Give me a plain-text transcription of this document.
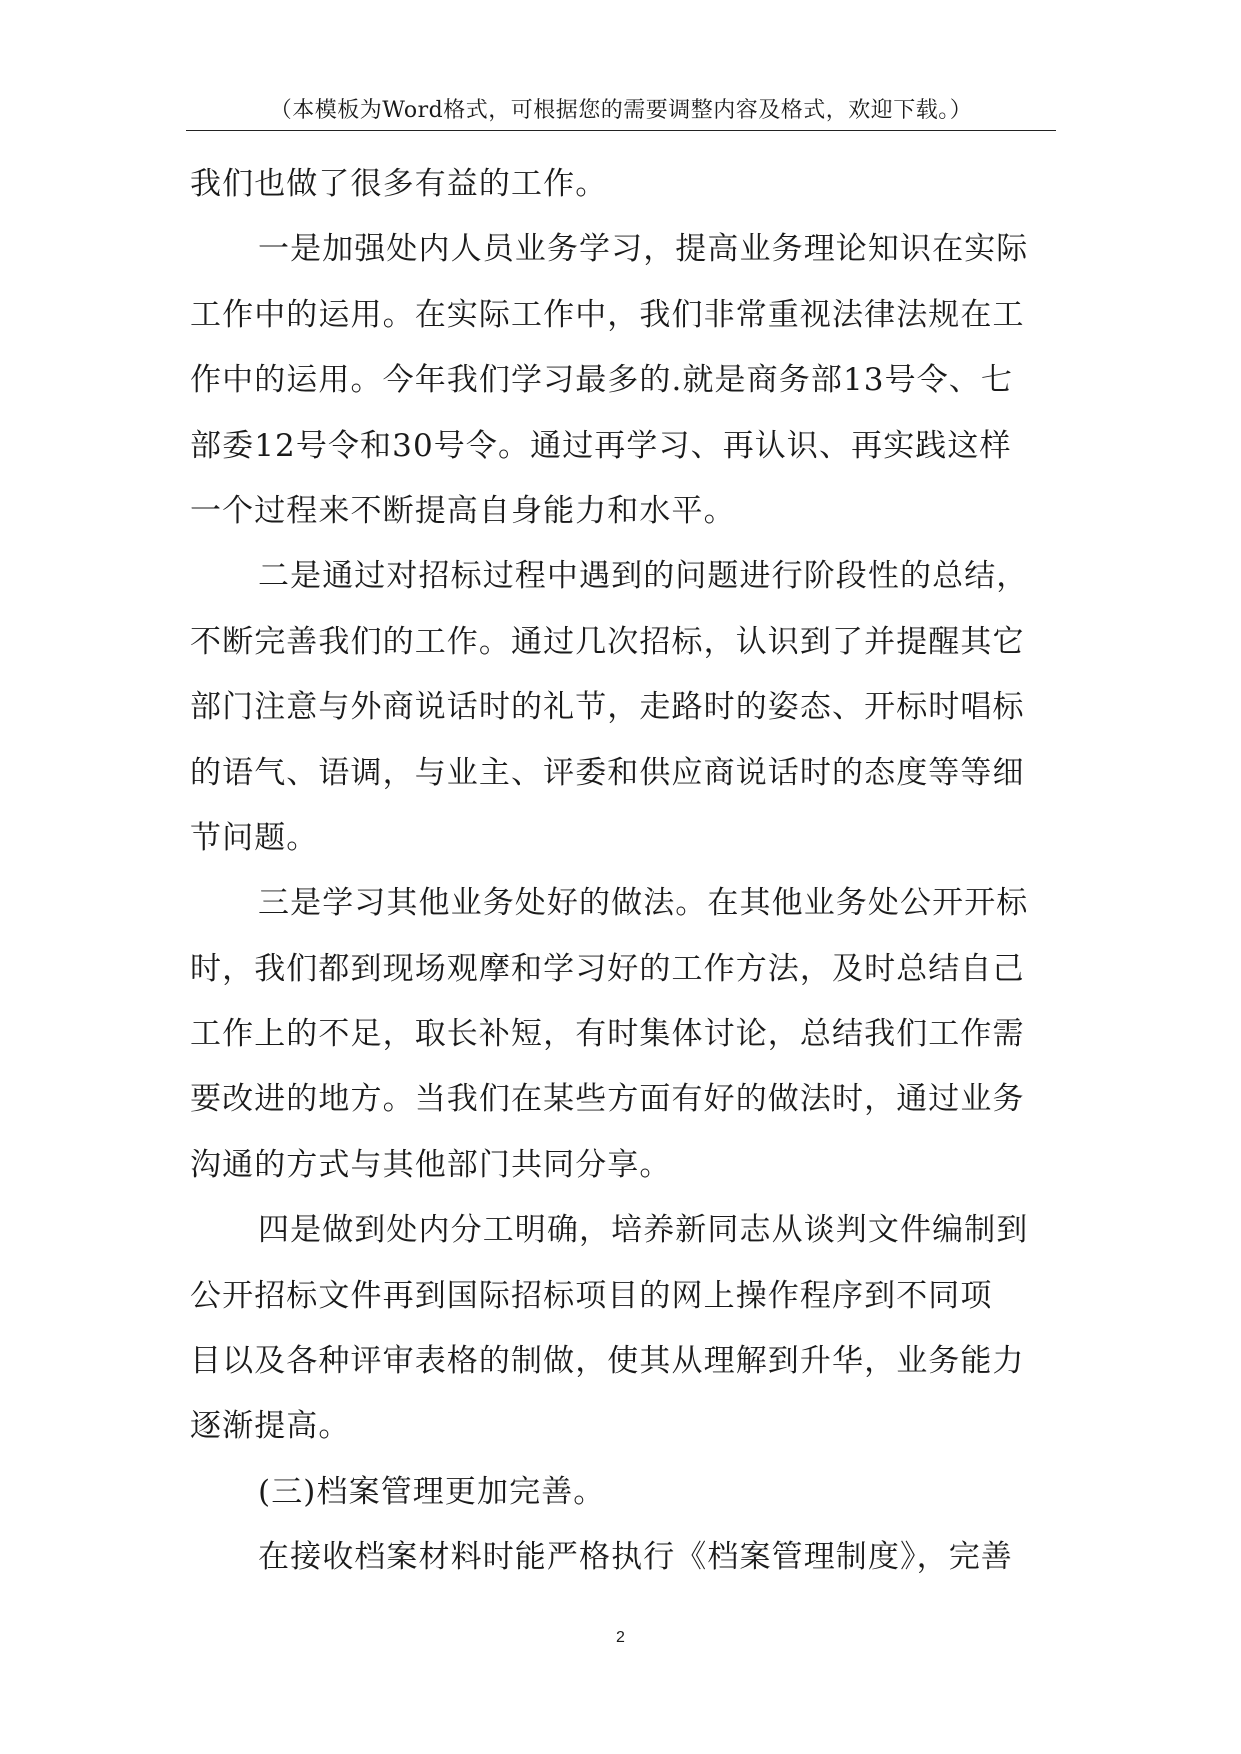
（本模板为Word格式，可根据您的需要调整内容及格式，欢迎下载。）
我们也做了很多有益的工作。
一是加强处内人员业务学习，提高业务理论知识在实际
工作中的运用。在实际工作中，我们非常重视法律法规在工
作中的运用。今年我们学习最多的.就是商务部13号令、七
部委12号令和30号令。通过再学习、再认识、再实践这样
一个过程来不断提高自身能力和水平。
二是通过对招标过程中遇到的问题进行阶段性的总结，
不断完善我们的工作。通过几次招标，认识到了并提醒其它
部门注意与外商说话时的礼节，走路时的姿态、开标时唱标
的语气、语调，与业主、评委和供应商说话时的态度等等细
节问题。
三是学习其他业务处好的做法。在其他业务处公开开标
时，我们都到现场观摩和学习好的工作方法，及时总结自己
工作上的不足，取长补短，有时集体讨论，总结我们工作需
要改进的地方。当我们在某些方面有好的做法时，通过业务
沟通的方式与其他部门共同分享。
四是做到处内分工明确，培养新同志从谈判文件编制到
公开招标文件再到国际招标项目的网上操作程序到不同项
目以及各种评审表格的制做，使其从理解到升华，业务能力
逐渐提高。
(三)档案管理更加完善。
在接收档案材料时能严格执行《档案管理制度》，完善
2
